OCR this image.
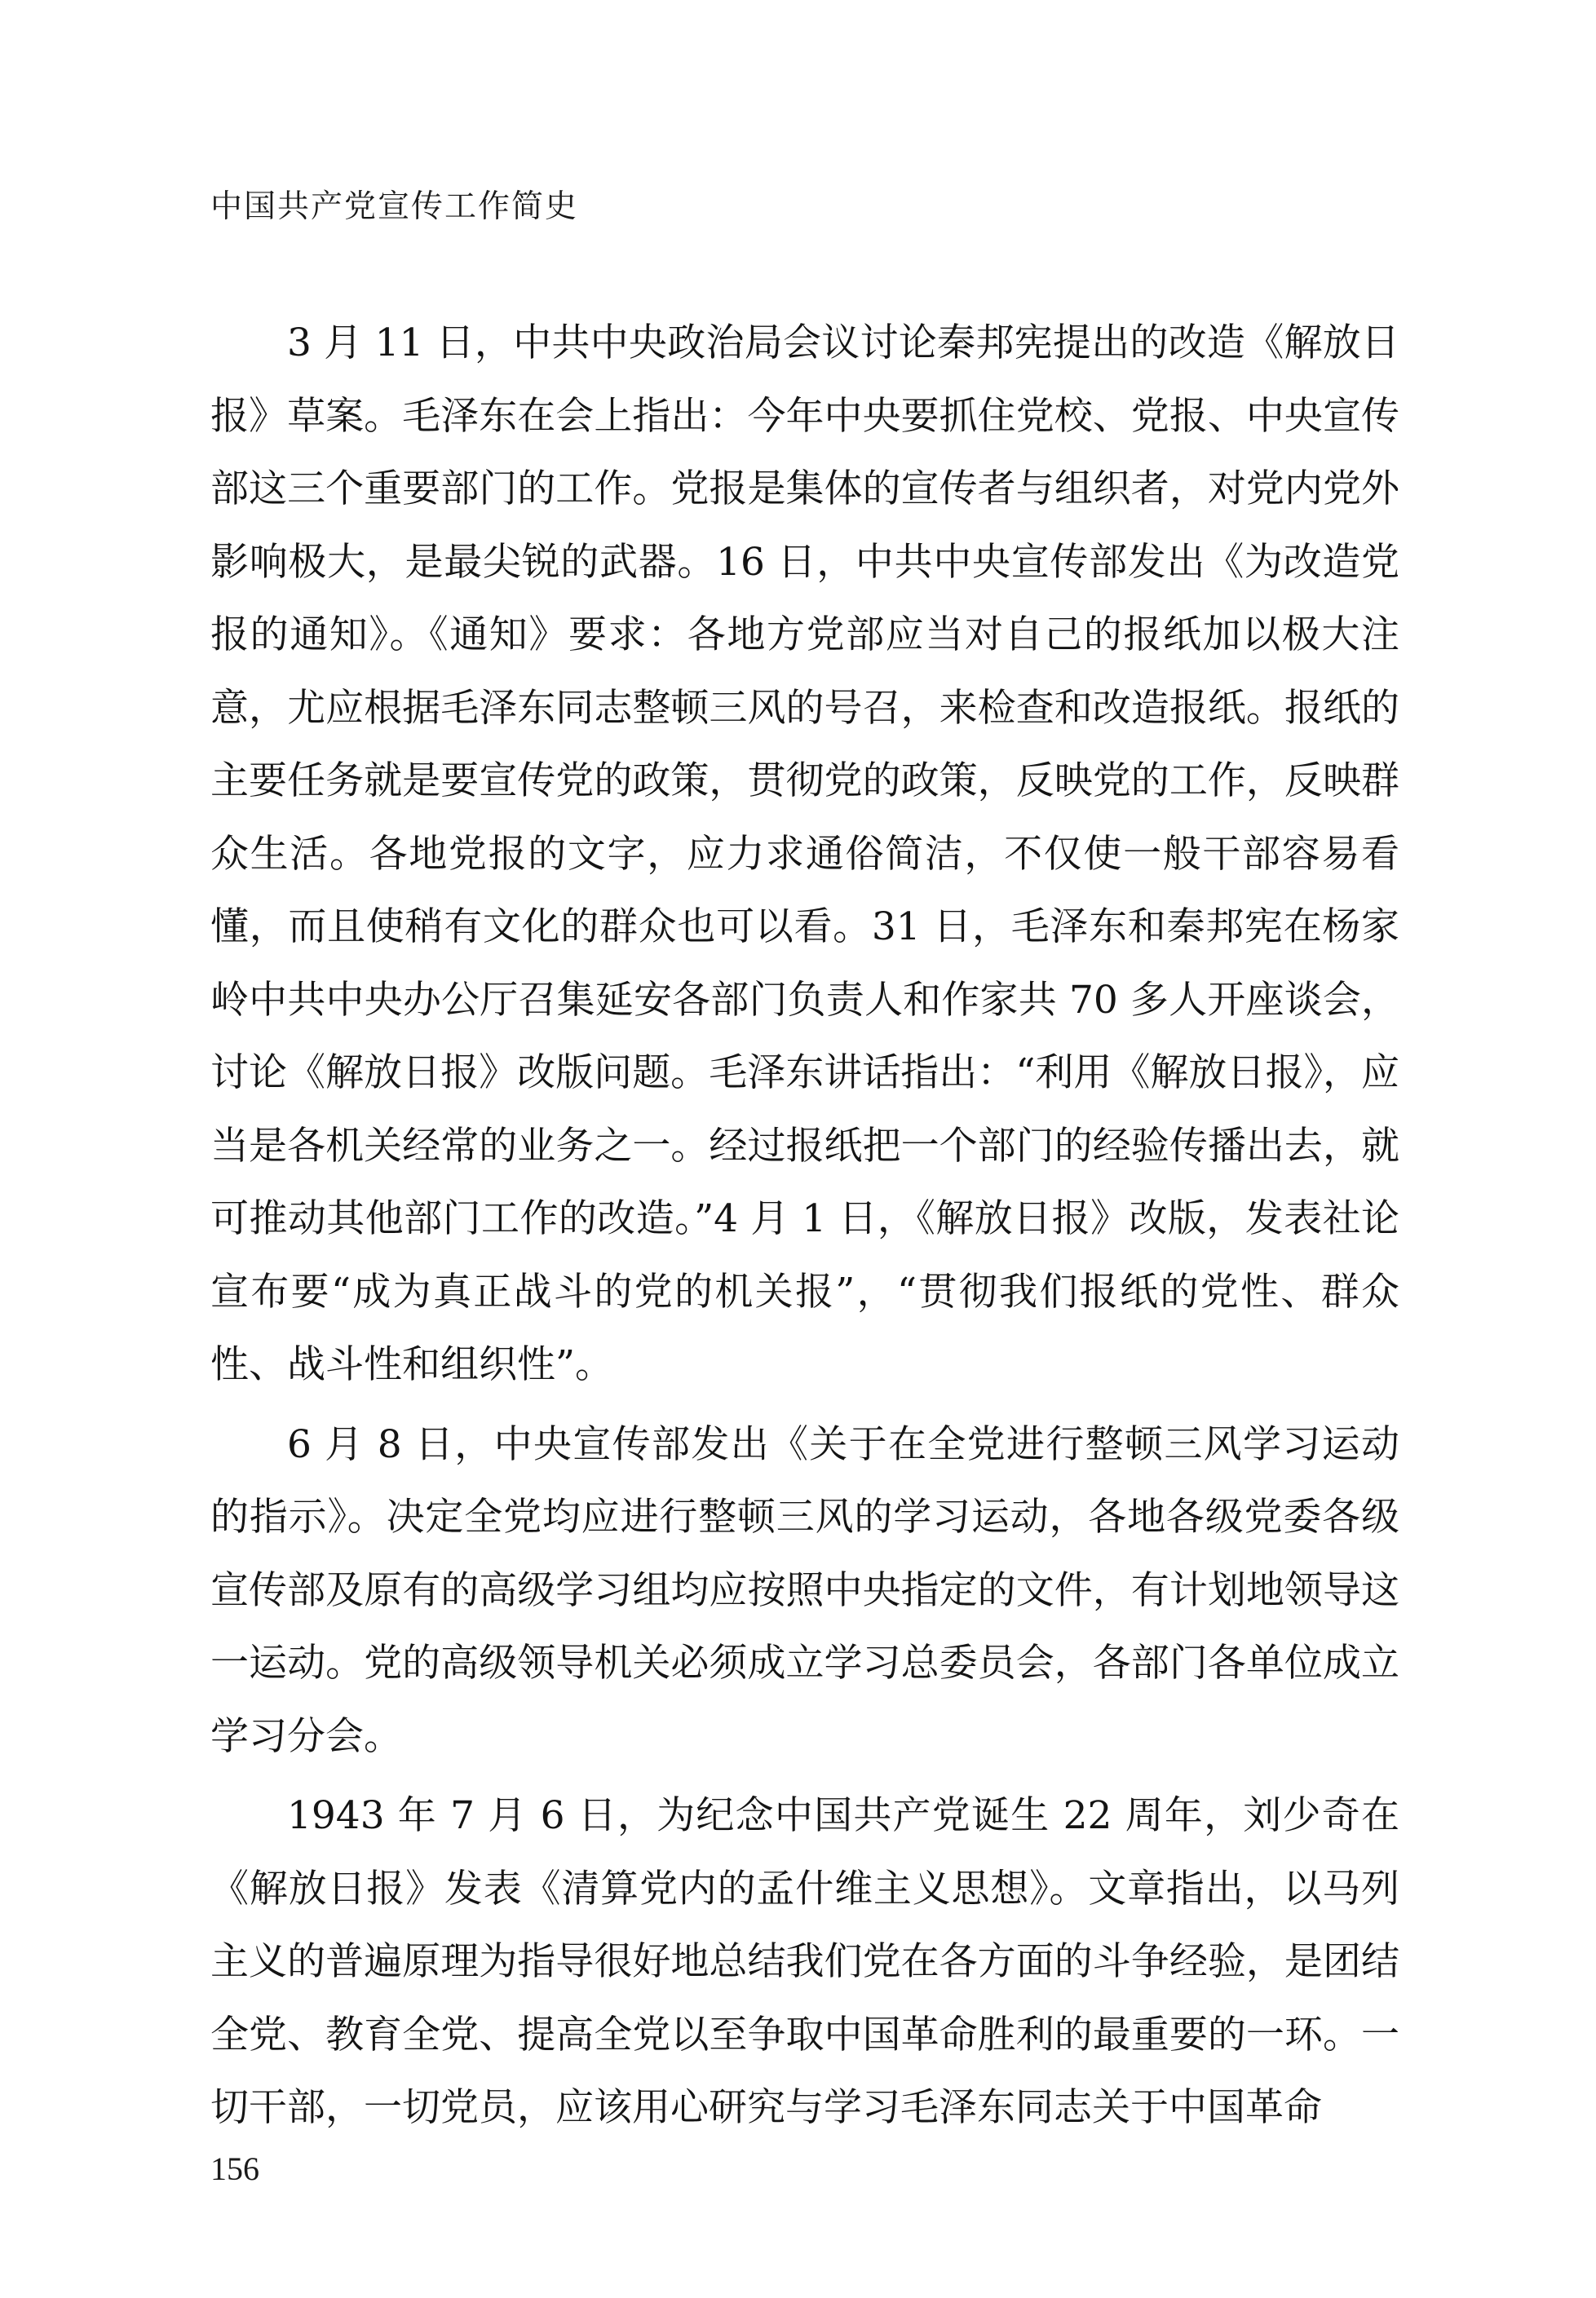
中国共产党宣传工作简史

3 月 11 日，中共中央政治局会议讨论秦邦宪提出的改造《解放日报》草案。毛泽东在会上指出：今年中央要抓住党校、党报、中央宣传部这三个重要部门的工作。党报是集体的宣传者与组织者，对党内党外影响极大，是最尖锐的武器。16 日，中共中央宣传部发出《为改造党报的通知》。《通知》要求：各地方党部应当对自己的报纸加以极大注意，尤应根据毛泽东同志整顿三风的号召，来检查和改造报纸。报纸的主要任务就是要宣传党的政策，贯彻党的政策，反映党的工作，反映群众生活。各地党报的文字，应力求通俗简洁，不仅使一般干部容易看懂，而且使稍有文化的群众也可以看。31 日，毛泽东和秦邦宪在杨家岭中共中央办公厅召集延安各部门负责人和作家共 70 多人开座谈会，讨论《解放日报》改版问题。毛泽东讲话指出：“利用《解放日报》，应当是各机关经常的业务之一。经过报纸把一个部门的经验传播出去，就可推动其他部门工作的改造。”4 月 1 日，《解放日报》改版，发表社论宣布要“成为真正战斗的党的机关报”，“贯彻我们报纸的党性、群众性、战斗性和组织性”。

6 月 8 日，中央宣传部发出《关于在全党进行整顿三风学习运动的指示》。决定全党均应进行整顿三风的学习运动，各地各级党委各级宣传部及原有的高级学习组均应按照中央指定的文件，有计划地领导这一运动。党的高级领导机关必须成立学习总委员会，各部门各单位成立学习分会。

1943 年 7 月 6 日，为纪念中国共产党诞生 22 周年，刘少奇在《解放日报》发表《清算党内的孟什维主义思想》。文章指出，以马列主义的普遍原理为指导很好地总结我们党在各方面的斗争经验，是团结全党、教育全党、提高全党以至争取中国革命胜利的最重要的一环。一切干部，一切党员，应该用心研究与学习毛泽东同志关于中国革命

156
